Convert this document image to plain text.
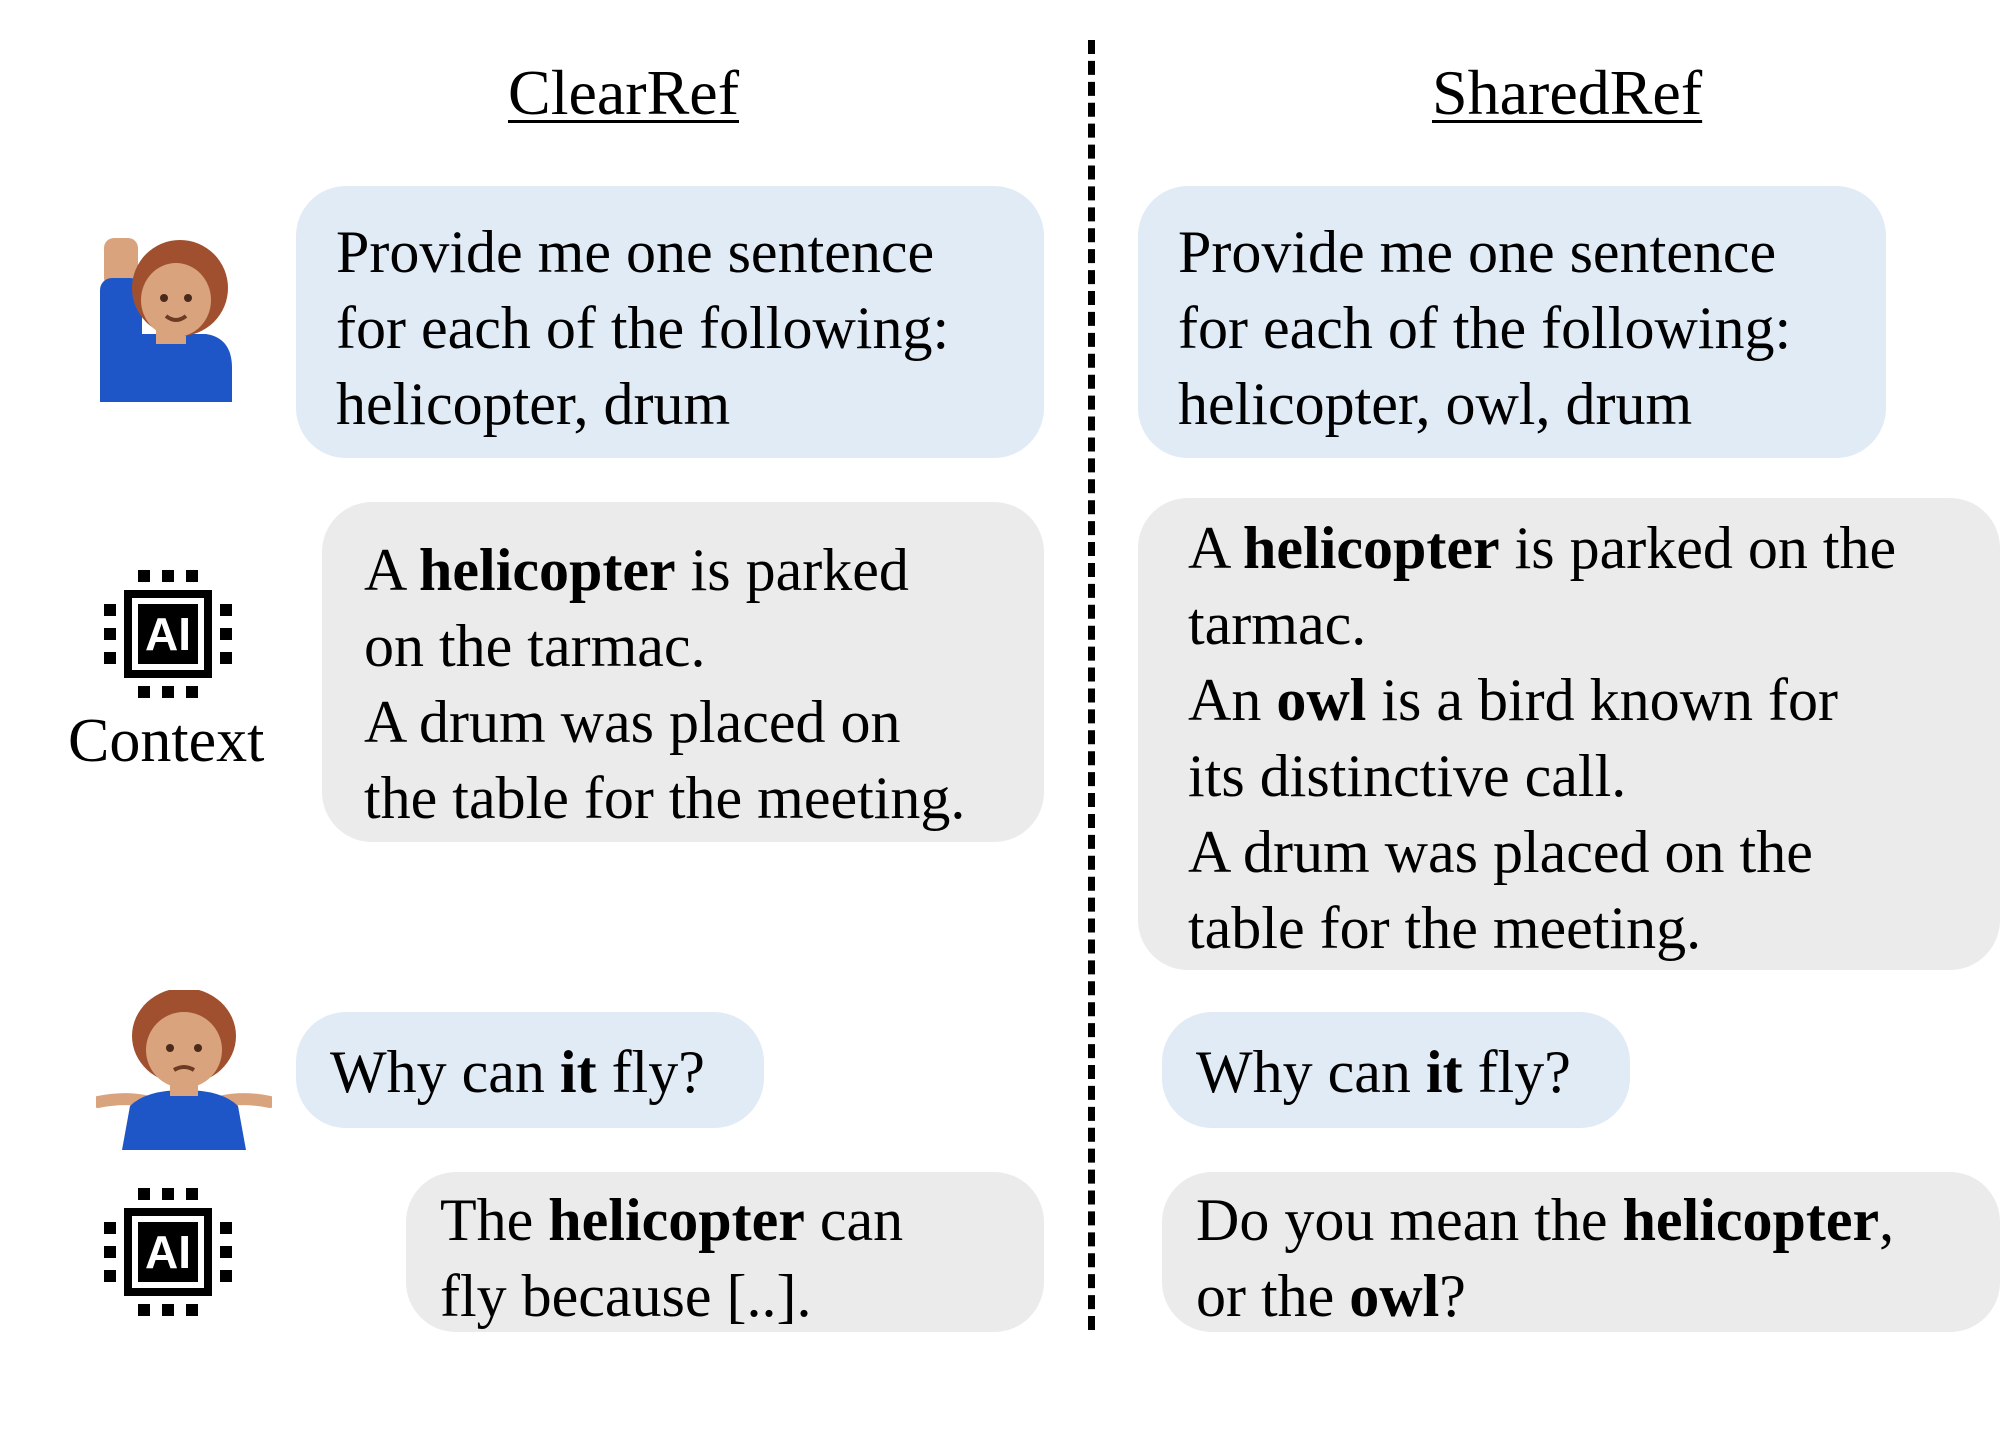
ClearRef	SharedRef
AI
Context
AI
Provide me one sentence
for each of the following:
helicopter, drum
A helicopter is parked
on the tarmac.
A drum was placed on
the table for the meeting.
Why can it fly?
The helicopter can
fly because [..].
Provide me one sentence
for each of the following:
helicopter, owl, drum
A helicopter is parked on the
tarmac.
An owl is a bird known for
its distinctive call.
A drum was placed on the
table for the meeting.
Why can it fly?
Do you mean the helicopter,
or the owl?
